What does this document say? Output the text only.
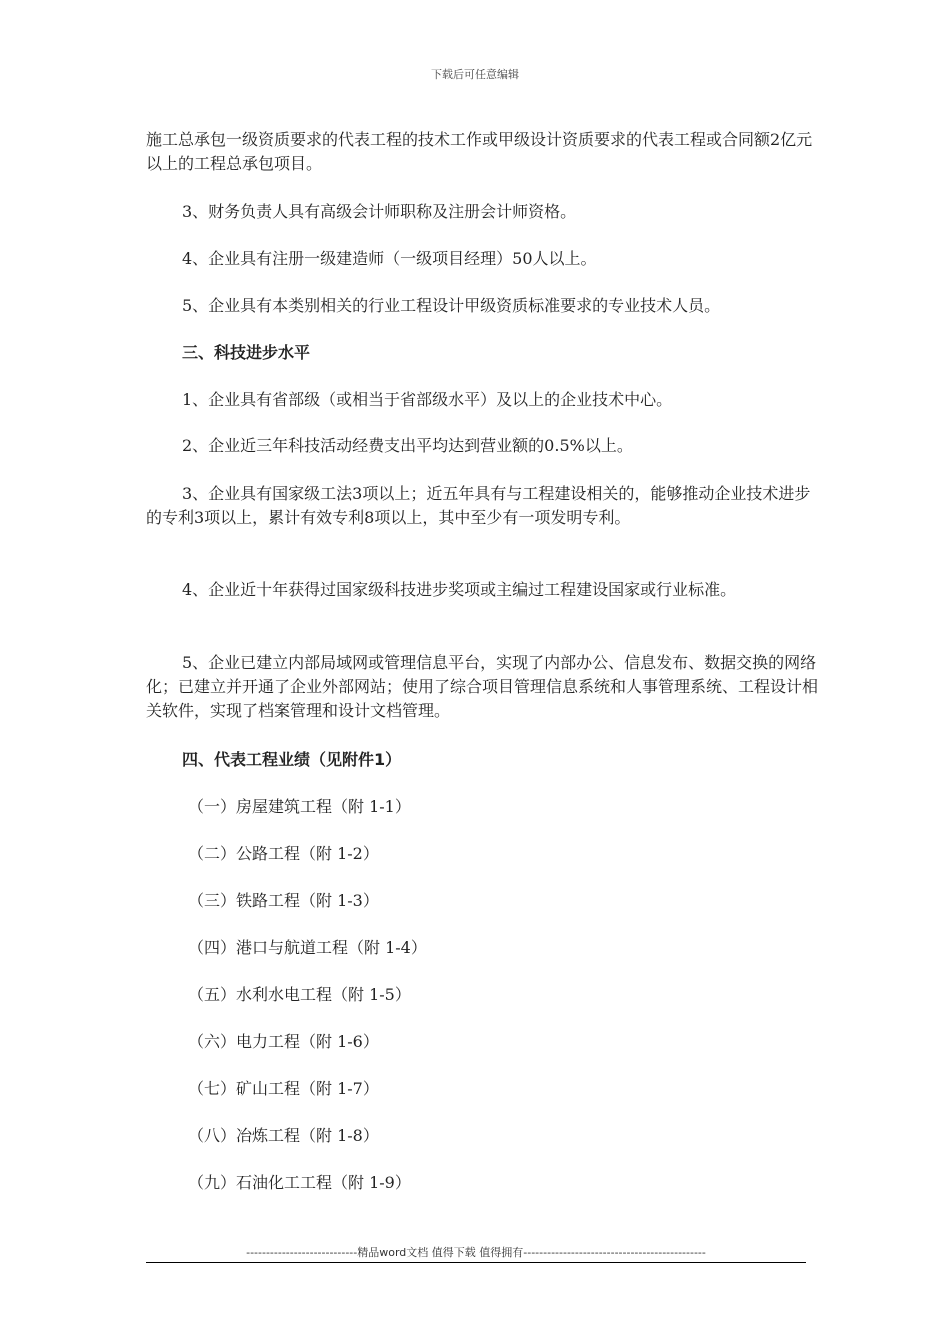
下载后可任意编辑
施工总承包一级资质要求的代表工程的技术工作或甲级设计资质要求的代表工程或合同额2亿元以上的工程总承包项目。
3、财务负责人具有高级会计师职称及注册会计师资格。
4、企业具有注册一级建造师（一级项目经理）50人以上。
5、企业具有本类别相关的行业工程设计甲级资质标准要求的专业技术人员。
三、科技进步水平
1、企业具有省部级（或相当于省部级水平）及以上的企业技术中心。
2、企业近三年科技活动经费支出平均达到营业额的0.5%以上。
3、企业具有国家级工法3项以上；近五年具有与工程建设相关的，能够推动企业技术进步的专利3项以上，累计有效专利8项以上，其中至少有一项发明专利。
4、企业近十年获得过国家级科技进步奖项或主编过工程建设国家或行业标准。
5、企业已建立内部局域网或管理信息平台，实现了内部办公、信息发布、数据交换的网络化；已建立并开通了企业外部网站；使用了综合项目管理信息系统和人事管理系统、工程设计相关软件，实现了档案管理和设计文档管理。
四、代表工程业绩（见附件1）
（一）房屋建筑工程（附 1-1）
（二）公路工程（附 1-2）
（三）铁路工程（附 1-3）
（四）港口与航道工程（附 1-4）
（五）水利水电工程（附 1-5）
（六）电力工程（附 1-6）
（七）矿山工程（附 1-7）
（八）冶炼工程（附 1-8）
（九）石油化工工程（附 1-9）
----------------------------精品word文档 值得下载 值得拥有----------------------------------------------
